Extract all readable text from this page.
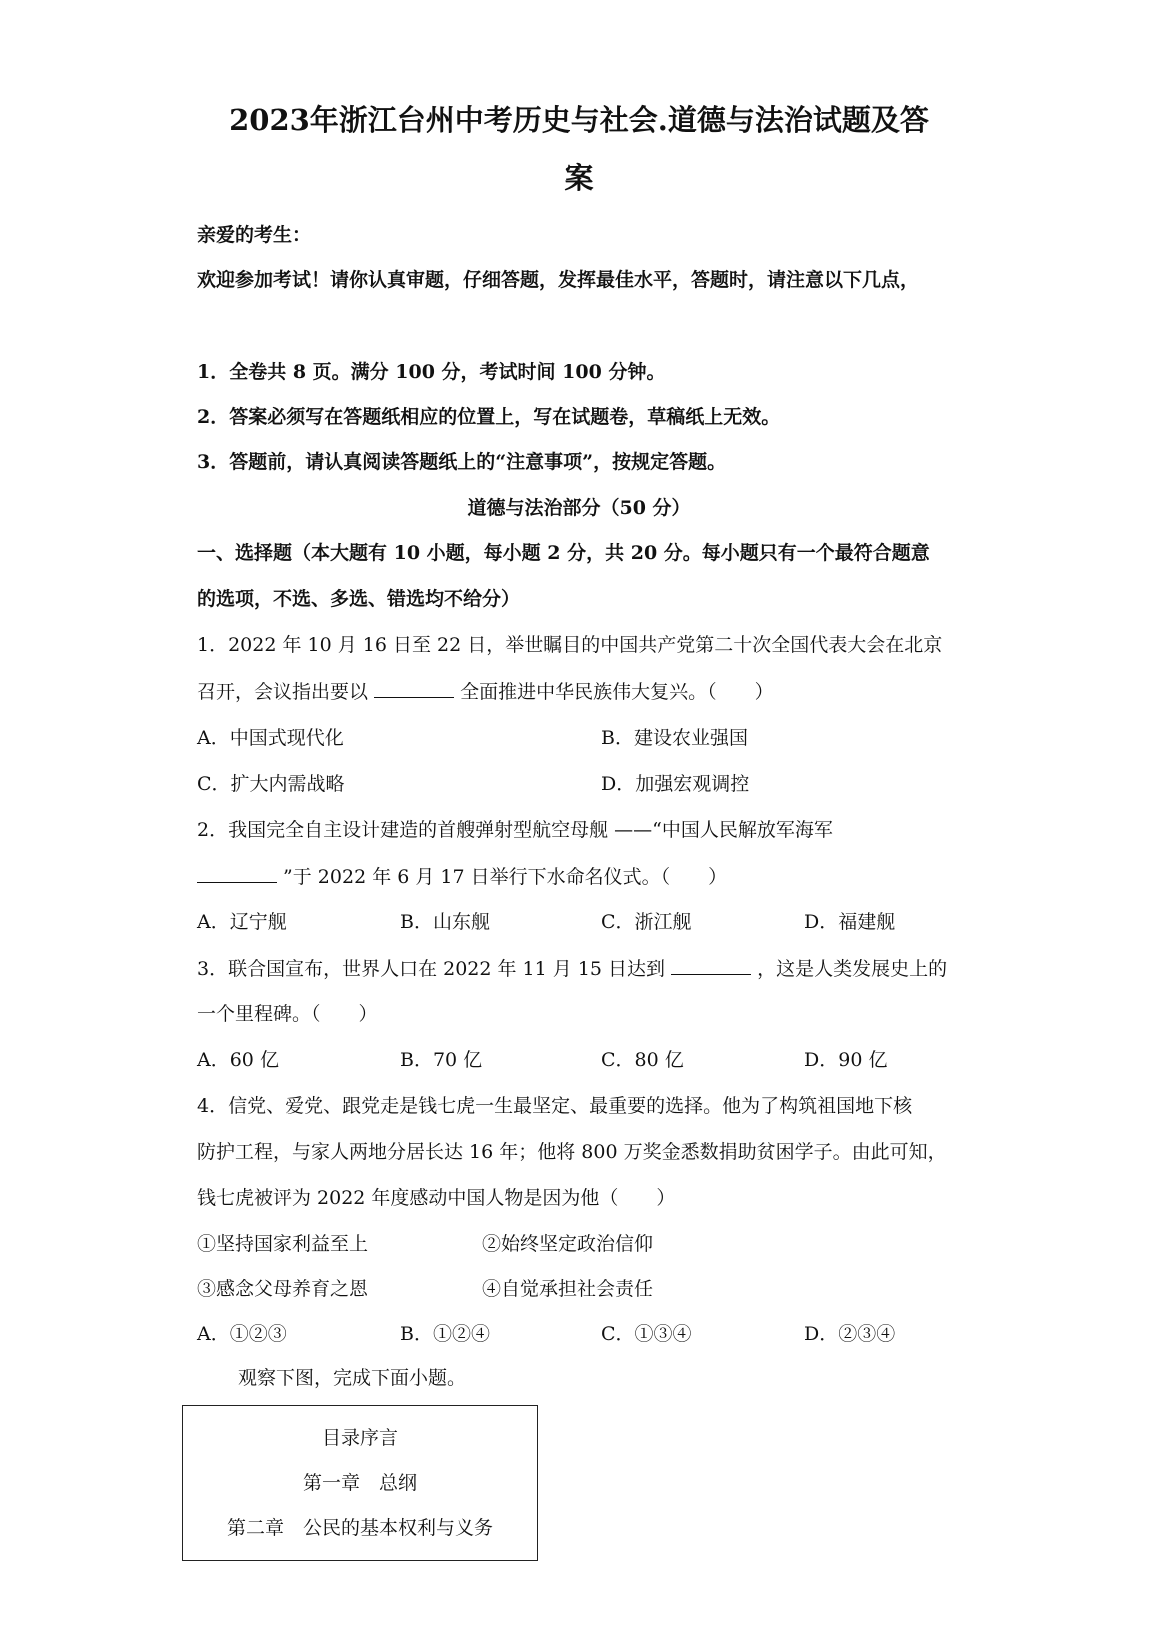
2023年浙江台州中考历史与社会.道德与法治试题及答
案
亲爱的考生：
欢迎参加考试！请你认真审题，仔细答题，发挥最佳水平，答题时，请注意以下几点，
1．全卷共 8 页。满分 100 分，考试时间 100 分钟。
2．答案必须写在答题纸相应的位置上，写在试题卷，草稿纸上无效。
3．答题前，请认真阅读答题纸上的“注意事项”，按规定答题。
道德与法治部分（50 分）
一、选择题（本大题有 10 小题，每小题 2 分，共 20 分。每小题只有一个最符合题意
的选项，不选、多选、错选均不给分）
1．2022 年 10 月 16 日至 22 日，举世瞩目的中国共产党第二十次全国代表大会在北京
召开，会议指出要以	全面推进中华民族伟大复兴。（　　）
A．中国式现代化	B．建设农业强国
C．扩大内需战略	D．加强宏观调控
2．我国完全自主设计建造的首艘弹射型航空母舰 ——“中国人民解放军海军
”于 2022 年 6 月 17 日举行下水命名仪式。（　　）
A．辽宁舰	B．山东舰	C．浙江舰	D．福建舰
3．联合国宣布，世界人口在 2022 年 11 月 15 日达到	，这是人类发展史上的
一个里程碑。（　　）
A．60 亿	B．70 亿	C．80 亿	D．90 亿
4．信党、爱党、跟党走是钱七虎一生最坚定、最重要的选择。他为了构筑祖国地下核
防护工程，与家人两地分居长达 16 年；他将 800 万奖金悉数捐助贫困学子。由此可知，
钱七虎被评为 2022 年度感动中国人物是因为他（　　）
①坚持国家利益至上	②始终坚定政治信仰
③感念父母养育之恩	④自觉承担社会责任
A．①②③	B．①②④	C．①③④	D．②③④
观察下图，完成下面小题。
目录序言
第一章　总纲
第二章　公民的基本权利与义务
